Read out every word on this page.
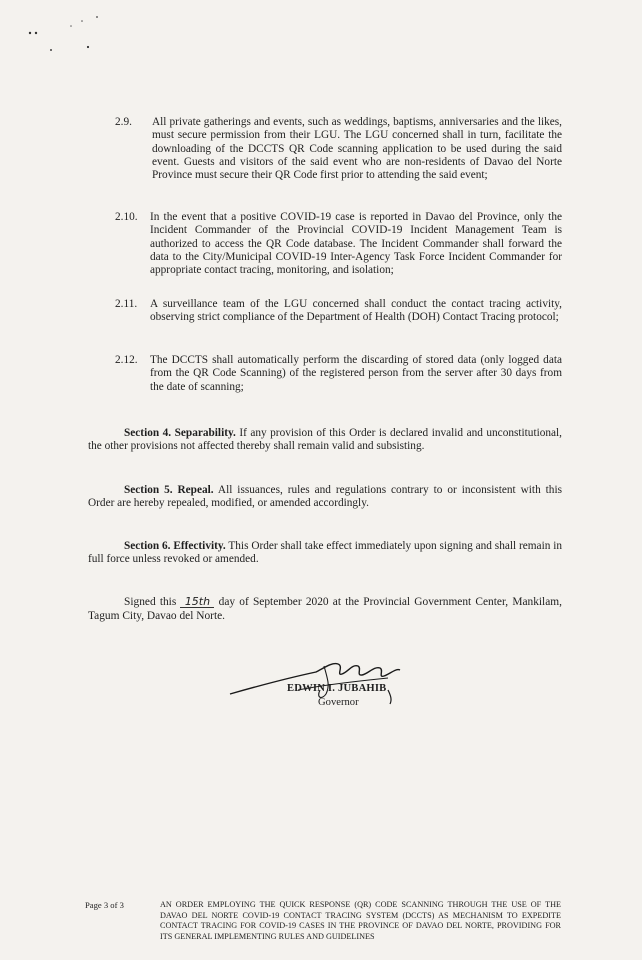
2.9. All private gatherings and events, such as weddings, baptisms, anniversaries and the likes, must secure permission from their LGU. The LGU concerned shall in turn, facilitate the downloading of the DCCTS QR Code scanning application to be used during the said event. Guests and visitors of the said event who are non-residents of Davao del Norte Province must secure their QR Code first prior to attending the said event;
2.10. In the event that a positive COVID-19 case is reported in Davao del Province, only the Incident Commander of the Provincial COVID-19 Incident Management Team is authorized to access the QR Code database. The Incident Commander shall forward the data to the City/Municipal COVID-19 Inter-Agency Task Force Incident Commander for appropriate contact tracing, monitoring, and isolation;
2.11. A surveillance team of the LGU concerned shall conduct the contact tracing activity, observing strict compliance of the Department of Health (DOH) Contact Tracing protocol;
2.12. The DCCTS shall automatically perform the discarding of stored data (only logged data from the QR Code Scanning) of the registered person from the server after 30 days from the date of scanning;
Section 4. Separability. If any provision of this Order is declared invalid and unconstitutional, the other provisions not affected thereby shall remain valid and subsisting.
Section 5. Repeal. All issuances, rules and regulations contrary to or inconsistent with this Order are hereby repealed, modified, or amended accordingly.
Section 6. Effectivity. This Order shall take effect immediately upon signing and shall remain in full force unless revoked or amended.
Signed this 15th day of September 2020 at the Provincial Government Center, Mankilam, Tagum City, Davao del Norte.
EDWIN I. JUBAHIB
Governor
Page 3 of 3	AN ORDER EMPLOYING THE QUICK RESPONSE (QR) CODE SCANNING THROUGH THE USE OF THE DAVAO DEL NORTE COVID-19 CONTACT TRACING SYSTEM (DCCTS) AS MECHANISM TO EXPEDITE CONTACT TRACING FOR COVID-19 CASES IN THE PROVINCE OF DAVAO DEL NORTE, PROVIDING FOR ITS GENERAL IMPLEMENTING RULES AND GUIDELINES
